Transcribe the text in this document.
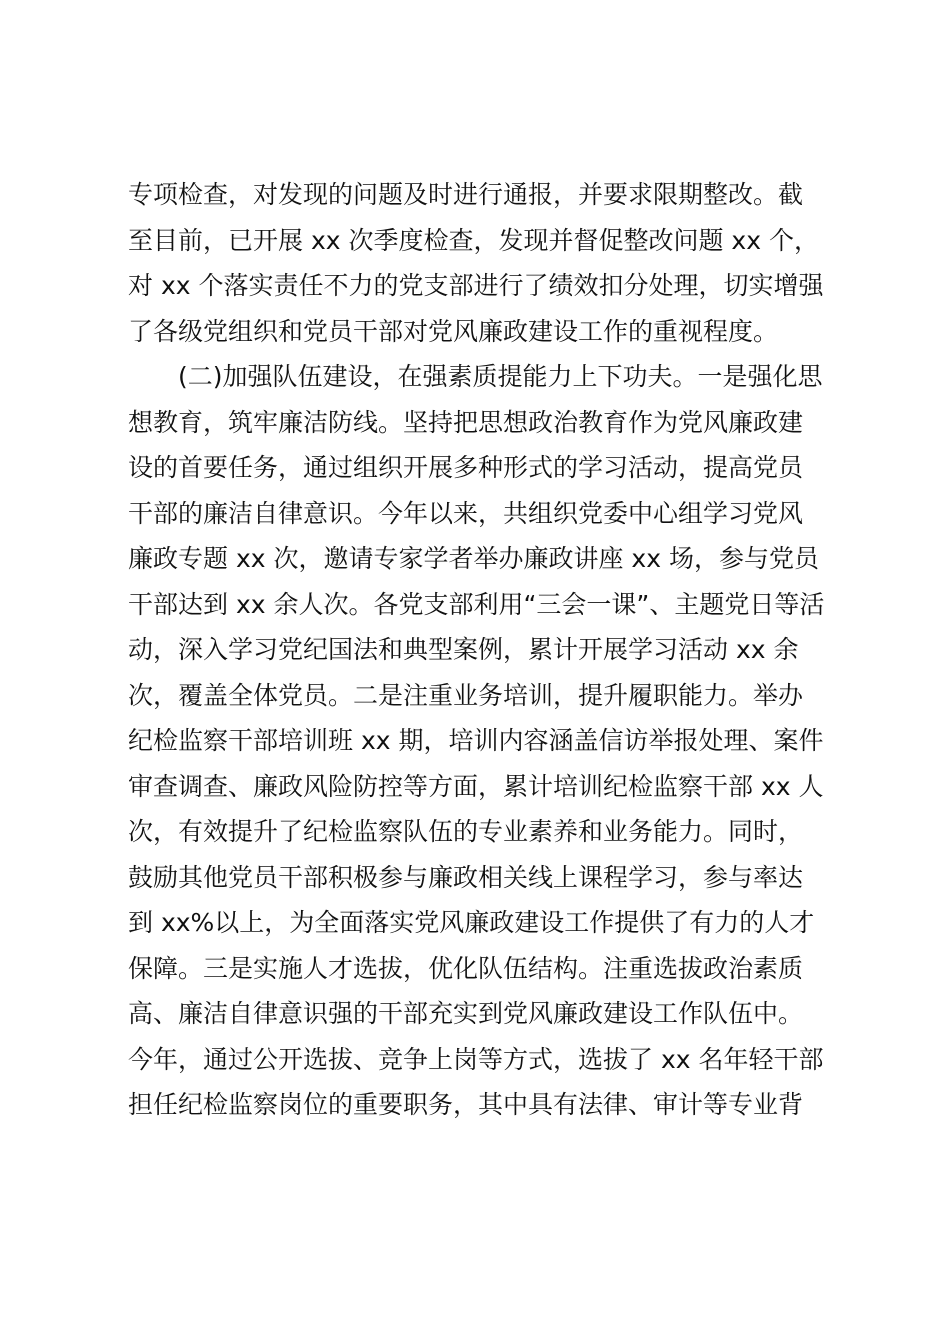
专项检查，对发现的问题及时进行通报，并要求限期整改。截
至目前，已开展 xx 次季度检查，发现并督促整改问题 xx 个，
对 xx 个落实责任不力的党支部进行了绩效扣分处理，切实增强
了各级党组织和党员干部对党风廉政建设工作的重视程度。
　　(二)加强队伍建设，在强素质提能力上下功夫。一是强化思
想教育，筑牢廉洁防线。坚持把思想政治教育作为党风廉政建
设的首要任务，通过组织开展多种形式的学习活动，提高党员
干部的廉洁自律意识。今年以来，共组织党委中心组学习党风
廉政专题 xx 次，邀请专家学者举办廉政讲座 xx 场，参与党员
干部达到 xx 余人次。各党支部利用“三会一课”、主题党日等活
动，深入学习党纪国法和典型案例，累计开展学习活动 xx 余
次，覆盖全体党员。二是注重业务培训，提升履职能力。举办
纪检监察干部培训班 xx 期，培训内容涵盖信访举报处理、案件
审查调查、廉政风险防控等方面，累计培训纪检监察干部 xx 人
次，有效提升了纪检监察队伍的专业素养和业务能力。同时，
鼓励其他党员干部积极参与廉政相关线上课程学习，参与率达
到 xx%以上，为全面落实党风廉政建设工作提供了有力的人才
保障。三是实施人才选拔，优化队伍结构。注重选拔政治素质
高、廉洁自律意识强的干部充实到党风廉政建设工作队伍中。
今年，通过公开选拔、竞争上岗等方式，选拔了 xx 名年轻干部
担任纪检监察岗位的重要职务，其中具有法律、审计等专业背
